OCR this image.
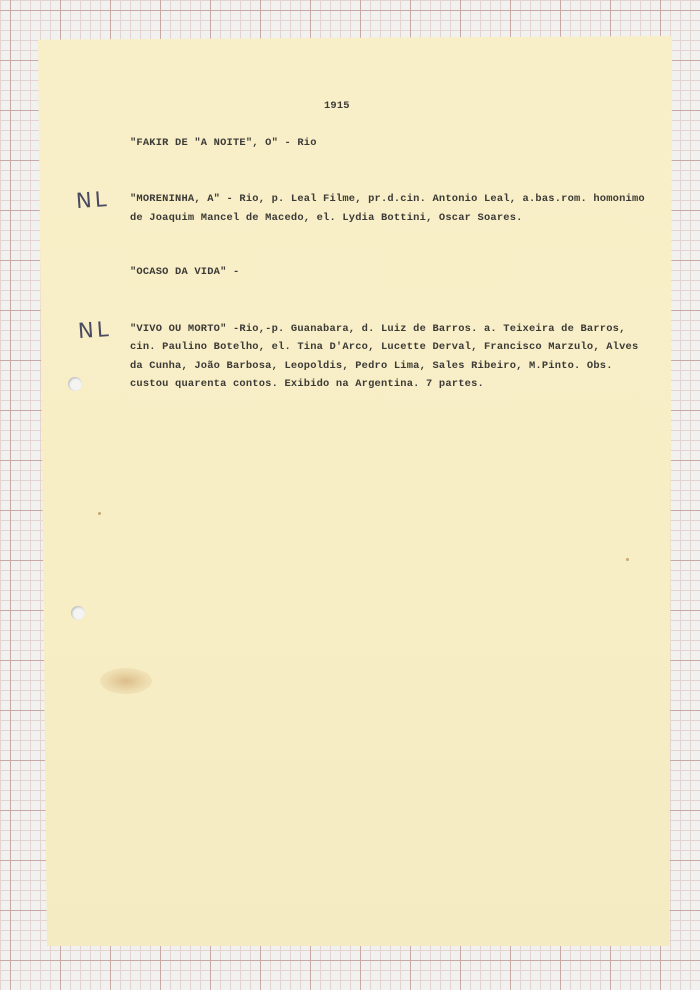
1915
"FAKIR DE "A NOITE", O" - Rio
NL "MORENINHA, A" - Rio, p. Leal Filme, pr.d.cin. Antonio Leal, a.bas.rom. homonimo
de Joaquim Mancel de Macedo, el. Lydia Bottini, Oscar Soares.
"OCASO DA VIDA" -
NL "VIVO OU MORTO" -Rio,-p. Guanabara, d. Luiz de Barros. a. Teixeira de Barros,
cin. Paulino Botelho, el. Tina D'Arco, Lucette Derval, Francisco Marzulo, Alves
da Cunha, João Barbosa, Leopoldis, Pedro Lima, Sales Ribeiro, M.Pinto. Obs.
custou quarenta contos. Exibido na Argentina. 7 partes.
